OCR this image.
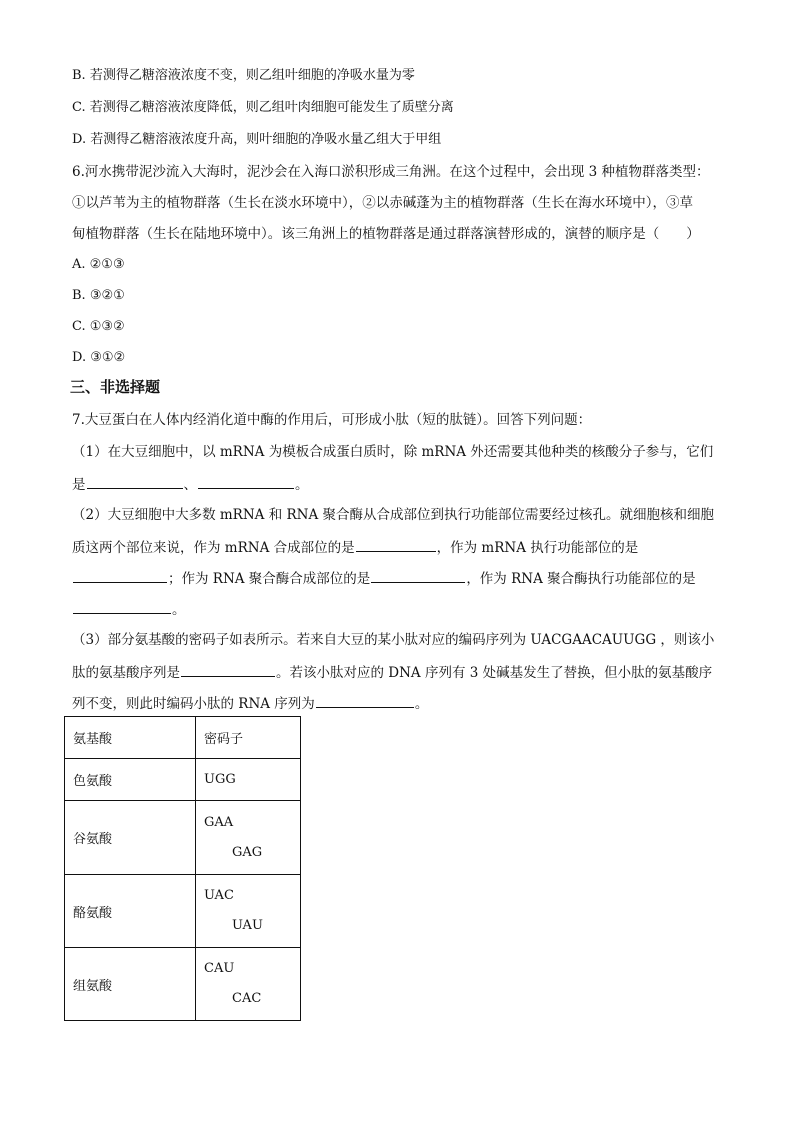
B. 若测得乙糖溶液浓度不变，则乙组叶细胞的净吸水量为零
C. 若测得乙糖溶液浓度降低，则乙组叶肉细胞可能发生了质壁分离
D. 若测得乙糖溶液浓度升高，则叶细胞的净吸水量乙组大于甲组
6.河水携带泥沙流入大海时，泥沙会在入海口淤积形成三角洲。在这个过程中，会出现 3 种植物群落类型：
①以芦苇为主的植物群落（生长在淡水环境中），②以赤碱蓬为主的植物群落（生长在海水环境中），③草
甸植物群落（生长在陆地环境中）。该三角洲上的植物群落是通过群落演替形成的，演替的顺序是（　　）
A. ②①③
B. ③②①
C. ①③②
D. ③①②
三、非选择题
7.大豆蛋白在人体内经消化道中酶的作用后，可形成小肽（短的肽链）。回答下列问题：
（1）在大豆细胞中，以 mRNA 为模板合成蛋白质时，除 mRNA 外还需要其他种类的核酸分子参与，它们
是	、	。
（2）大豆细胞中大多数 mRNA 和 RNA 聚合酶从合成部位到执行功能部位需要经过核孔。就细胞核和细胞
质这两个部位来说，作为 mRNA 合成部位的是	，作为 mRNA 执行功能部位的是
；作为 RNA 聚合酶合成部位的是	，作为 RNA 聚合酶执行功能部位的是
。
（3）部分氨基酸的密码子如表所示。若来自大豆的某小肽对应的编码序列为 UACGAACAUUGG ，则该小
肽的氨基酸序列是	。若该小肽对应的 DNA 序列有 3 处碱基发生了替换，但小肽的氨基酸序
列不变，则此时编码小肽的 RNA 序列为	。
氨基酸	密码子
色氨酸	UGG
谷氨酸	GAA
GAG

酪氨酸	UAC
UAU

组氨酸	CAU
CAC
